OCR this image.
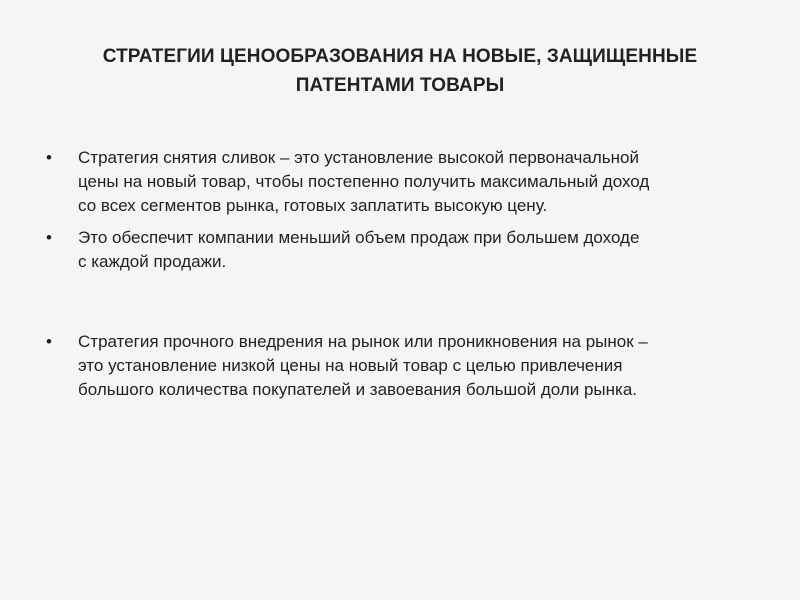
СТРАТЕГИИ ЦЕНООБРАЗОВАНИЯ НА НОВЫЕ, ЗАЩИЩЕННЫЕ
ПАТЕНТАМИ ТОВАРЫ
• Стратегия снятия сливок – это установление высокой первоначальной
цены на новый товар, чтобы постепенно получить максимальный доход
со всех сегментов рынка, готовых заплатить высокую цену.
• Это обеспечит компании меньший объем продаж при большем доходе
с каждой продажи.
• Стратегия прочного внедрения на рынок или проникновения на рынок –
это установление низкой цены на новый товар с целью привлечения
большого количества покупателей и завоевания большой доли рынка.
